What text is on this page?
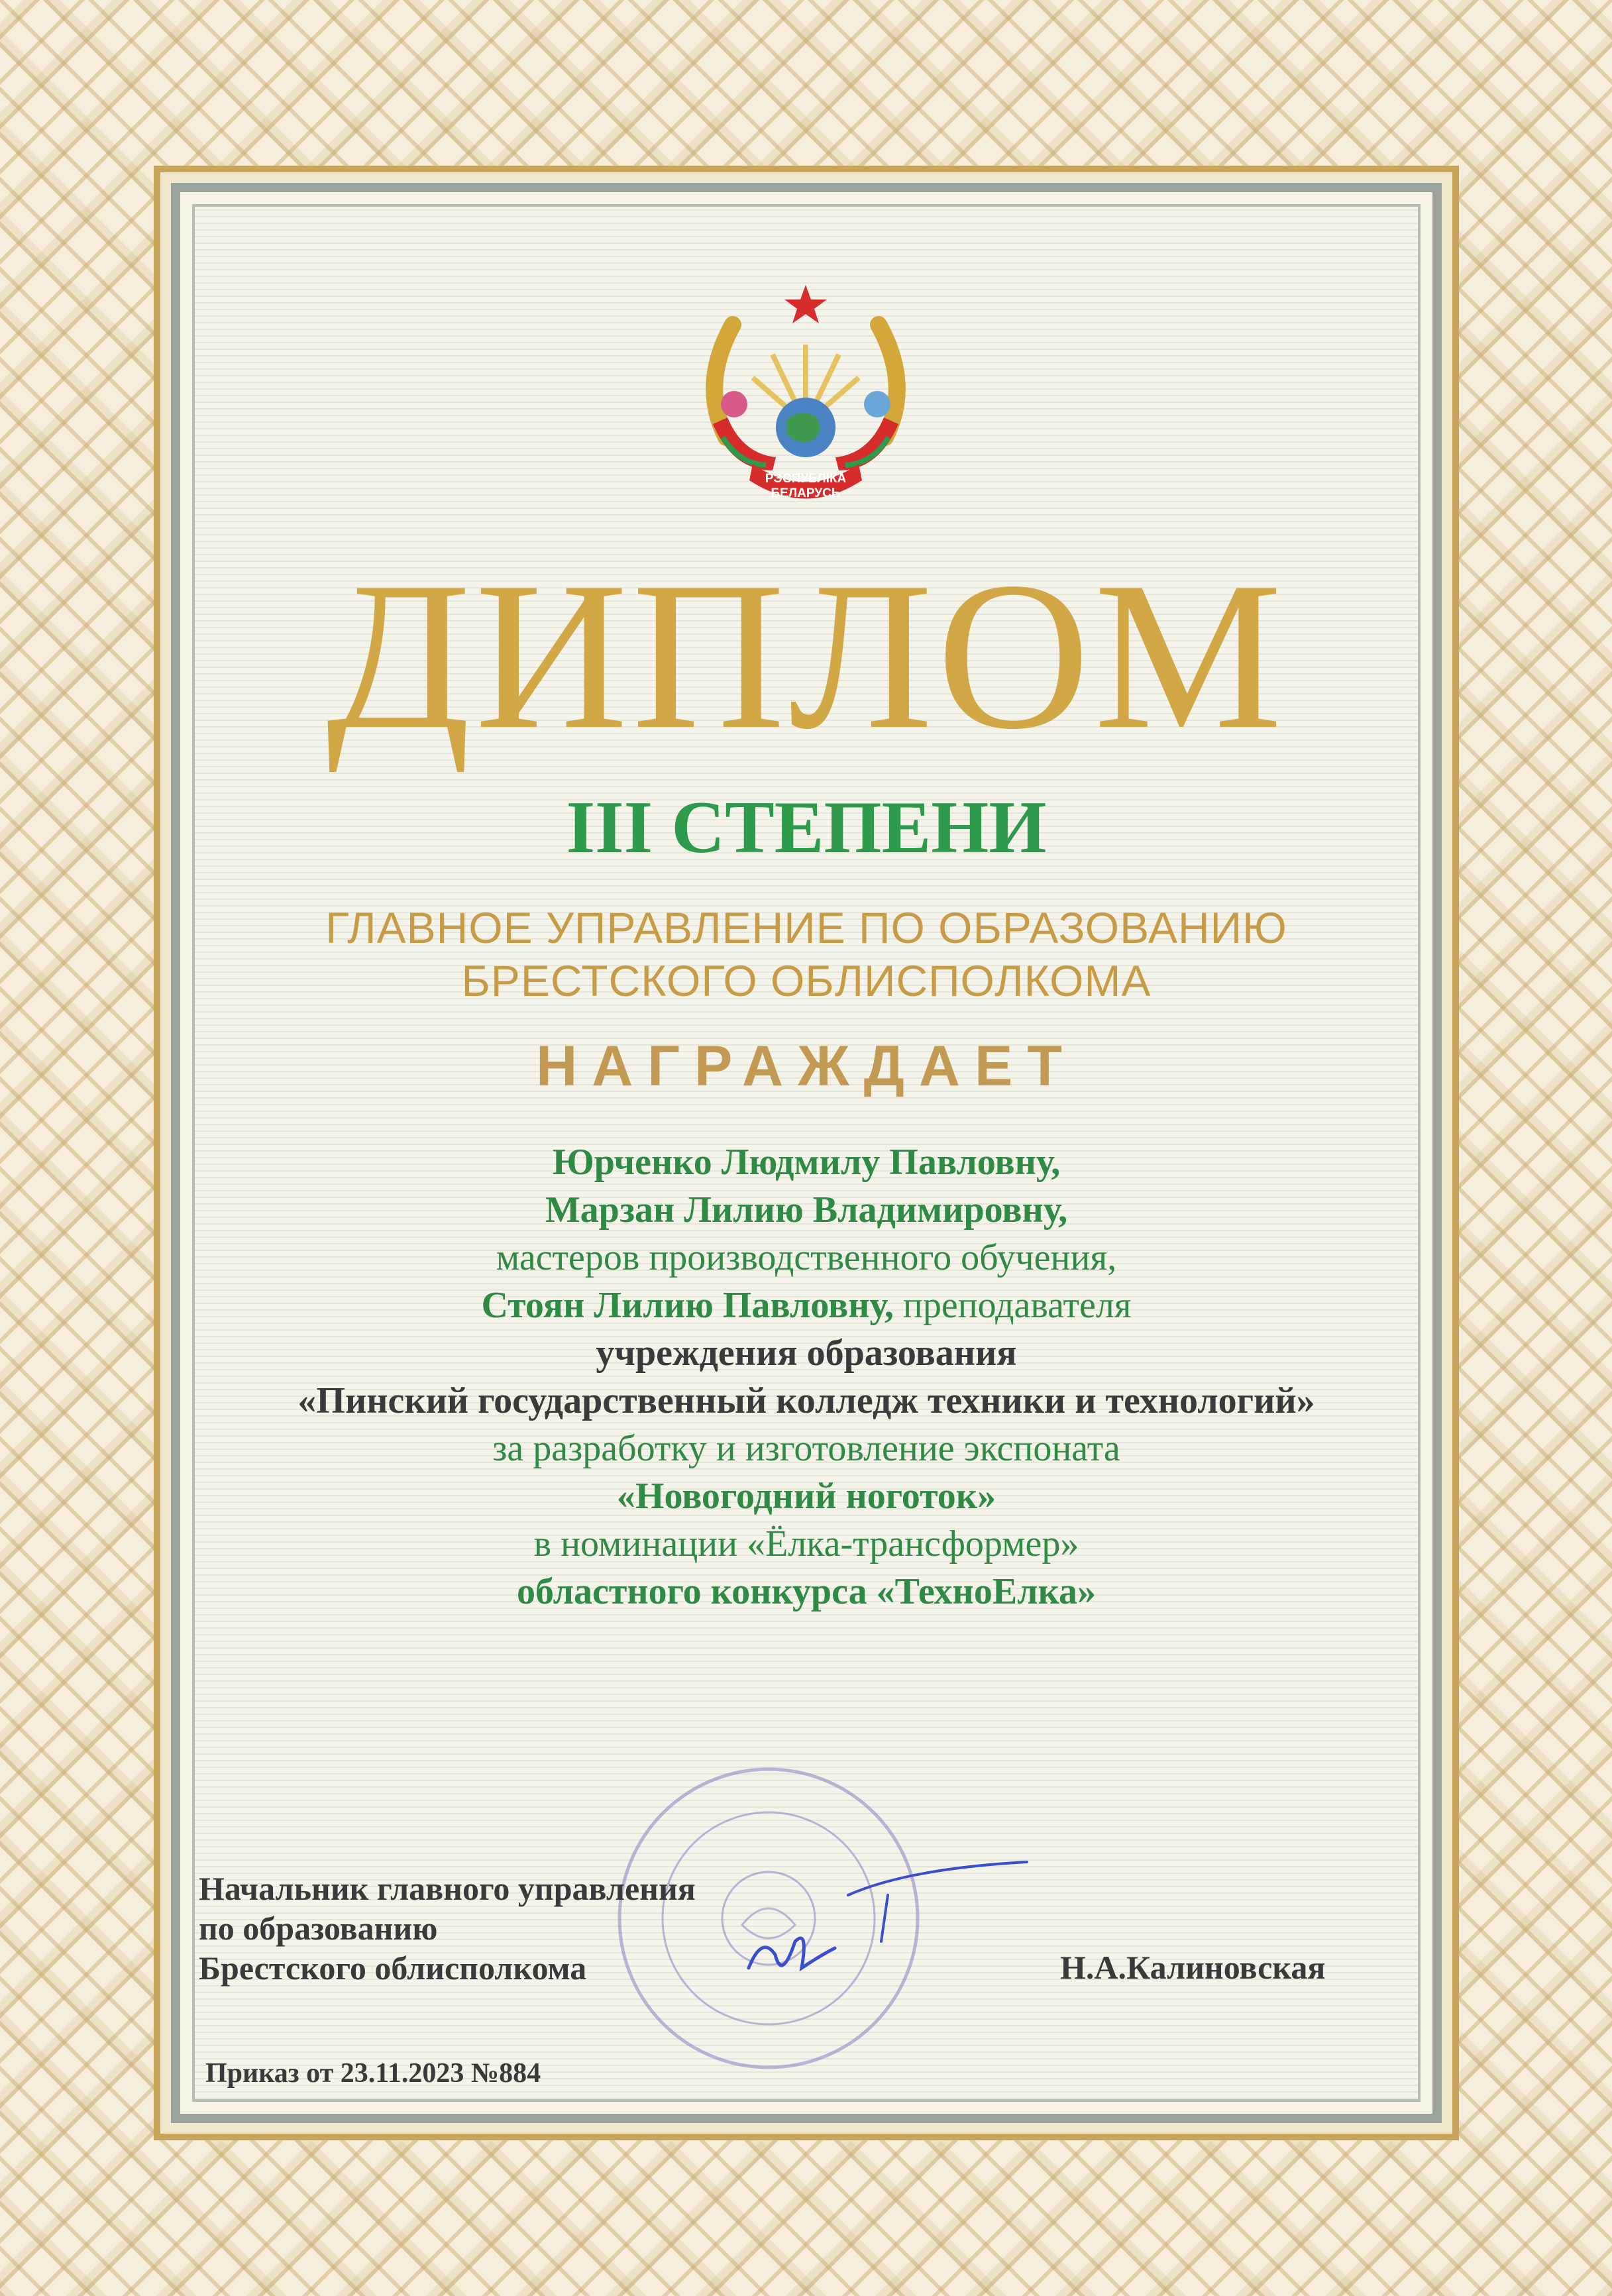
РЭСПУБЛІКА
БЕЛАРУСЬ
ДИПЛОМ
III СТЕПЕНИ
ГЛАВНОЕ УПРАВЛЕНИЕ ПО ОБРАЗОВАНИЮ
БРЕСТСКОГО ОБЛИСПОЛКОМА
НАГРАЖДАЕТ
Юрченко Людмилу Павловну,
Марзан Лилию Владимировну,
мастеров производственного обучения,
Стоян Лилию Павловну, преподавателя
учреждения образования
«Пинский государственный колледж техники и технологий»
за разработку и изготовление экспоната
«Новогодний ноготок»
в номинации «Ёлка-трансформер»
областного конкурса «ТехноЕлка»
Начальник главного управления
по образованию
Брестского облисполкома	Н.А.Калиновская
Приказ от 23.11.2023 №884
